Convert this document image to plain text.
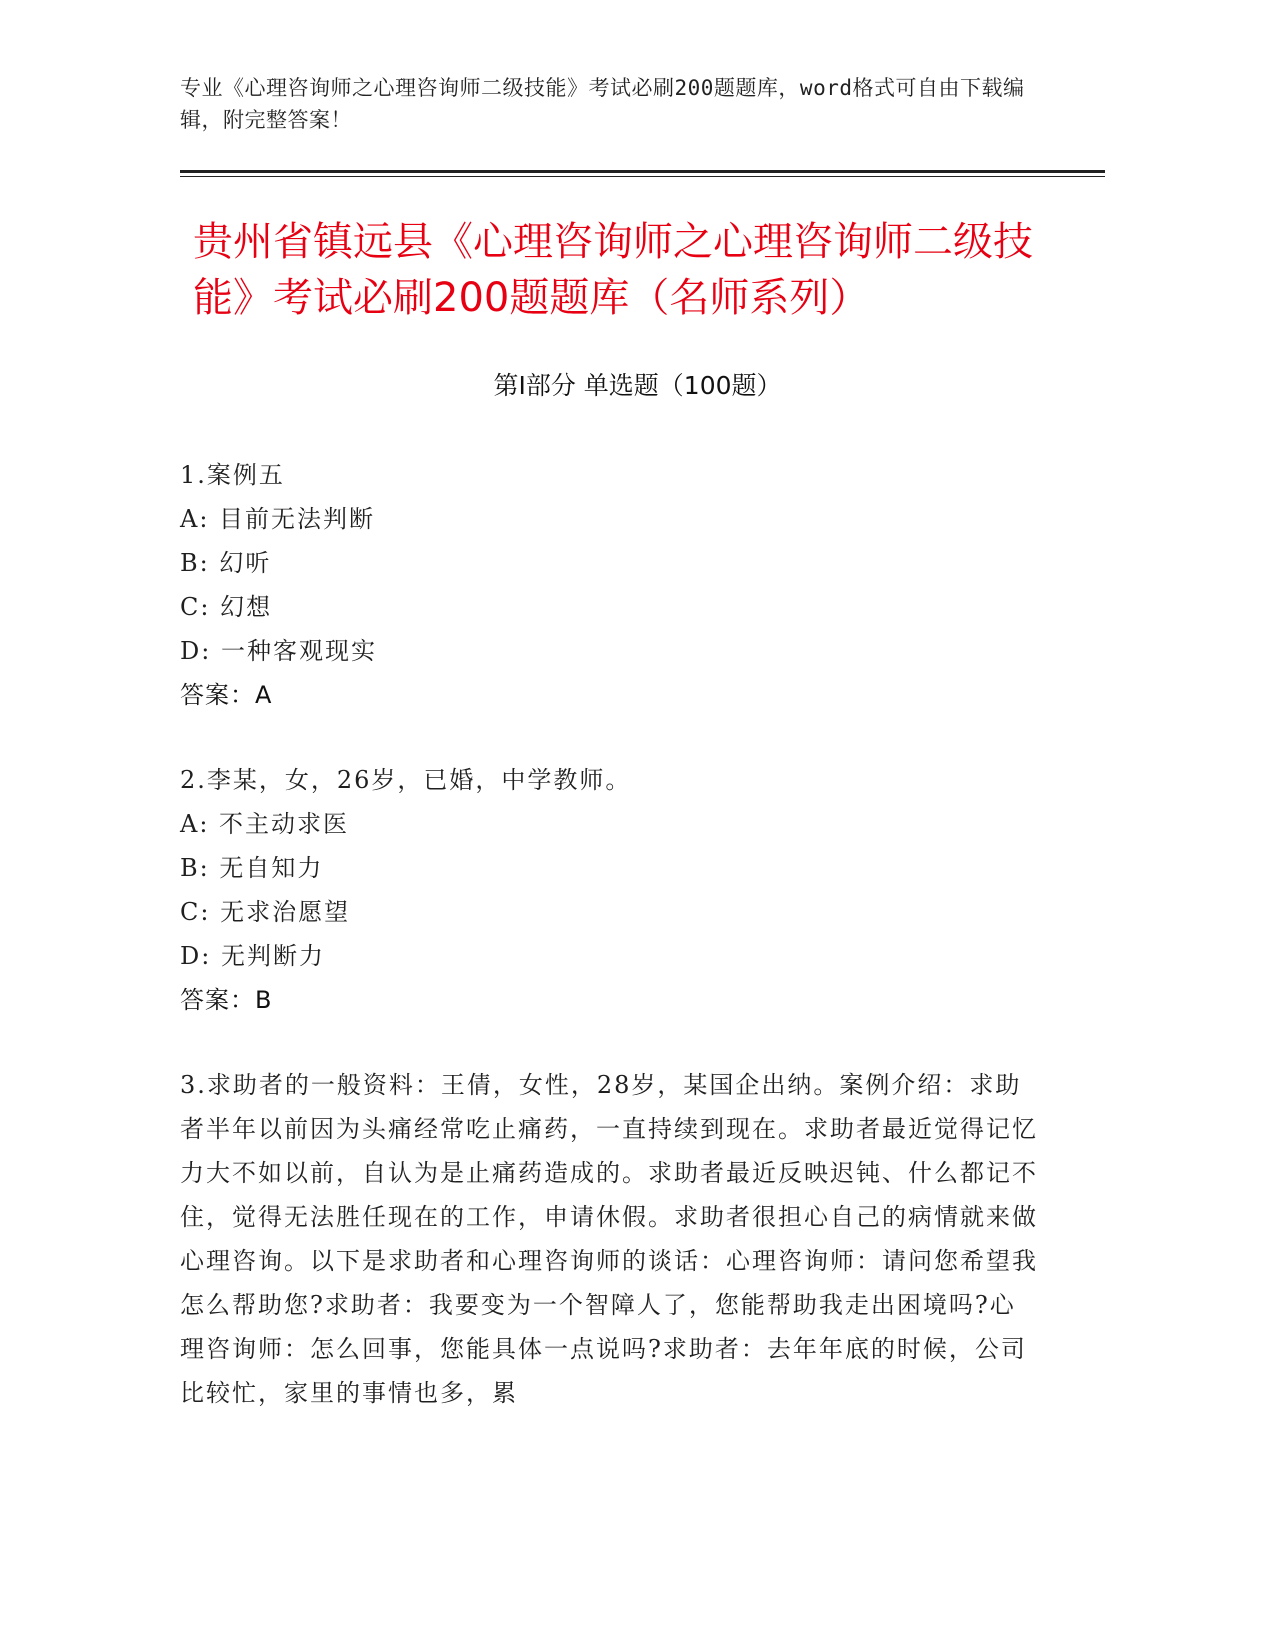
专业《心理咨询师之心理咨询师二级技能》考试必刷200题题库，word格式可自由下载编辑，附完整答案！
贵州省镇远县《心理咨询师之心理咨询师二级技能》考试必刷200题题库（名师系列）
第Ⅰ部分 单选题（100题）
1.案例五
A: 目前无法判断
B: 幻听
C: 幻想
D: 一种客观现实
答案：A
2.李某，女，26岁，已婚，中学教师。
A: 不主动求医
B: 无自知力
C: 无求治愿望
D: 无判断力
答案：B
3.求助者的一般资料：王倩，女性，28岁，某国企出纳。案例介绍：求助者半年以前因为头痛经常吃止痛药，一直持续到现在。求助者最近觉得记忆力大不如以前，自认为是止痛药造成的。求助者最近反映迟钝、什么都记不住，觉得无法胜任现在的工作，申请休假。求助者很担心自己的病情就来做心理咨询。以下是求助者和心理咨询师的谈话：心理咨询师：请问您希望我怎么帮助您?求助者：我要变为一个智障人了，您能帮助我走出困境吗?心理咨询师：怎么回事，您能具体一点说吗?求助者：去年年底的时候，公司比较忙，家里的事情也多，累
